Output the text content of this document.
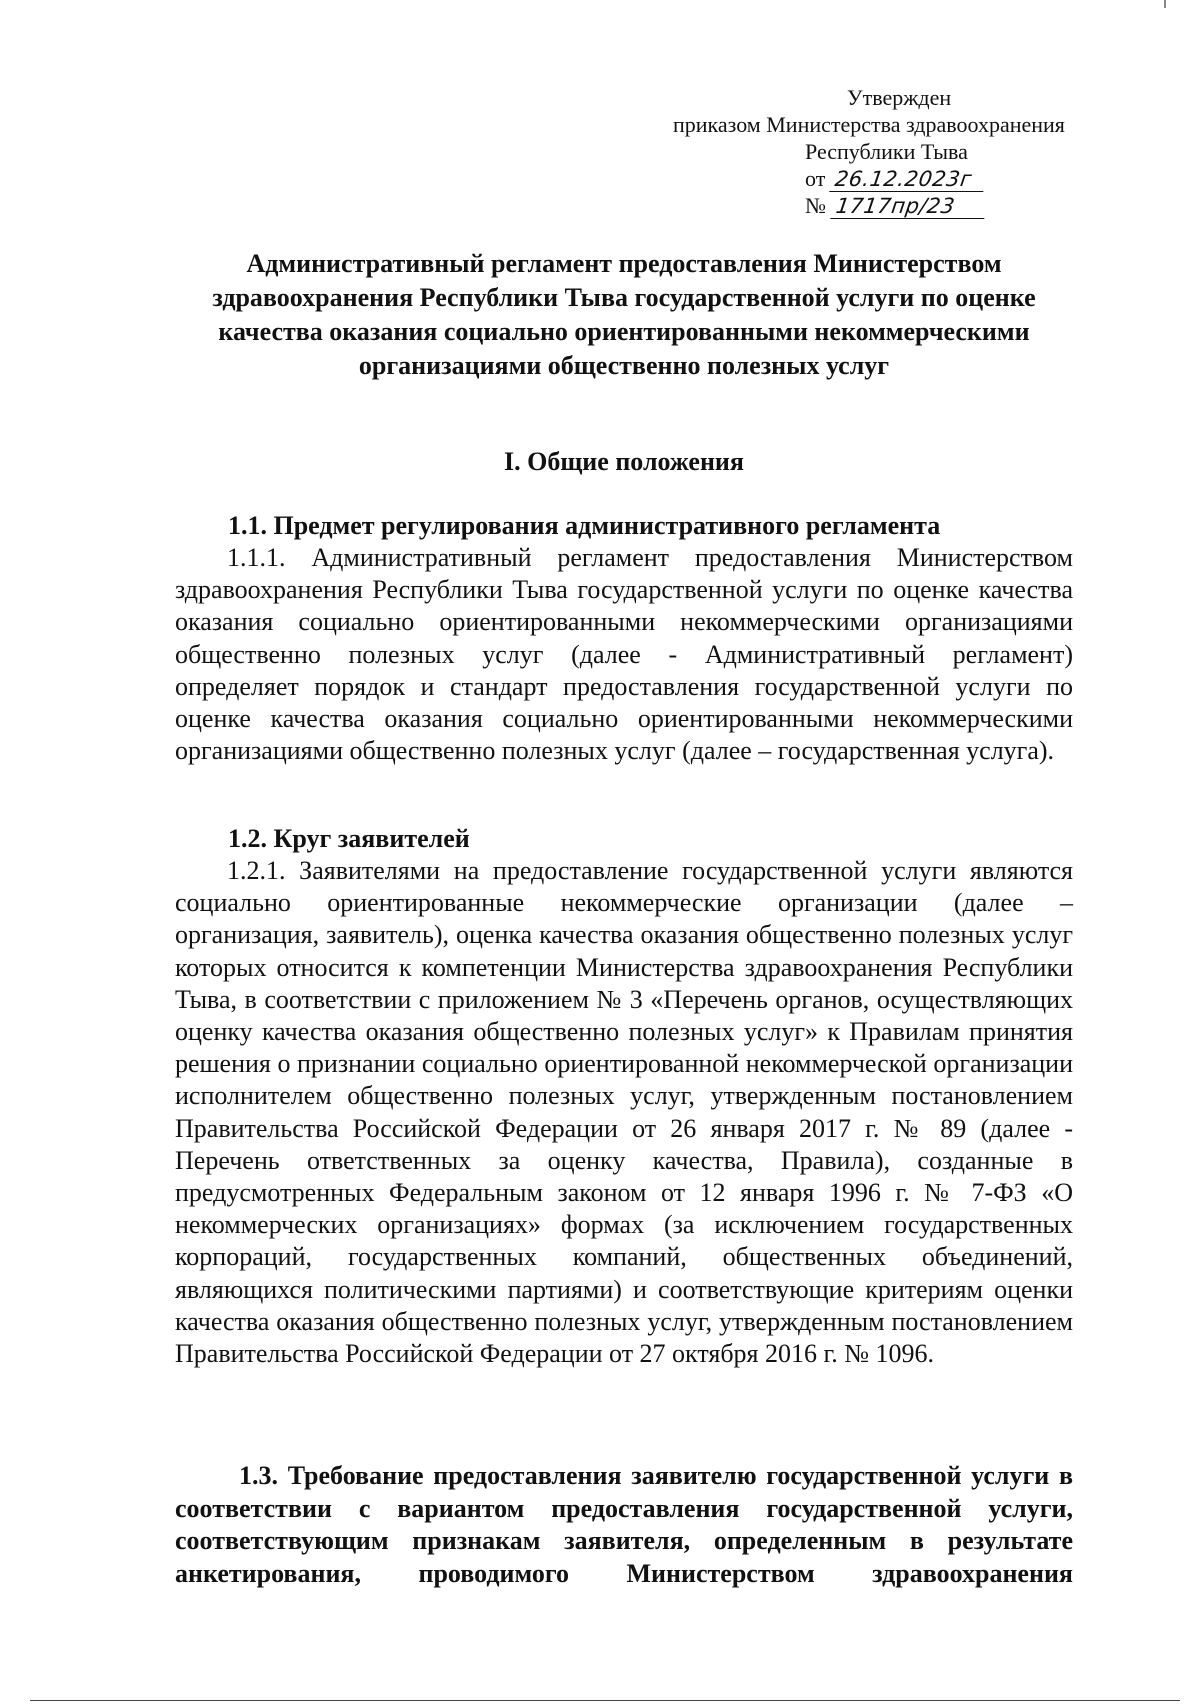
Утвержден
приказом Министерства здравоохранения
Республики Тыва
от 26.12.2023г
№ 1717пр/23
Административный регламент предоставления Министерством здравоохранения Республики Тыва государственной услуги по оценке качества оказания социально ориентированными некоммерческими организациями общественно полезных услуг
I. Общие положения
1.1. Предмет регулирования административного регламента
1.1.1. Административный регламент предоставления Министерством здравоохранения Республики Тыва государственной услуги по оценке качества оказания социально ориентированными некоммерческими организациями общественно полезных услуг (далее - Административный регламент) определяет порядок и стандарт предоставления государственной услуги по оценке качества оказания социально ориентированными некоммерческими организациями общественно полезных услуг (далее – государственная услуга).
1.2. Круг заявителей
1.2.1. Заявителями на предоставление государственной услуги являются социально ориентированные некоммерческие организации (далее – организация, заявитель), оценка качества оказания общественно полезных услуг которых относится к компетенции Министерства здравоохранения Республики Тыва, в соответствии с приложением № 3 «Перечень органов, осуществляющих оценку качества оказания общественно полезных услуг» к Правилам принятия решения о признании социально ориентированной некоммерческой организации исполнителем общественно полезных услуг, утвержденным постановлением Правительства Российской Федерации от 26 января 2017 г. № 89 (далее - Перечень ответственных за оценку качества, Правила), созданные в предусмотренных Федеральным законом от 12 января 1996 г. № 7-ФЗ «О некоммерческих организациях» формах (за исключением государственных корпораций, государственных компаний, общественных объединений, являющихся политическими партиями) и соответствующие критериям оценки качества оказания общественно полезных услуг, утвержденным постановлением Правительства Российской Федерации от 27 октября 2016 г. № 1096.
1.3. Требование предоставления заявителю государственной услуги в соответствии с вариантом предоставления государственной услуги, соответствующим признакам заявителя, определенным в результате анкетирования, проводимого Министерством здравоохранения
